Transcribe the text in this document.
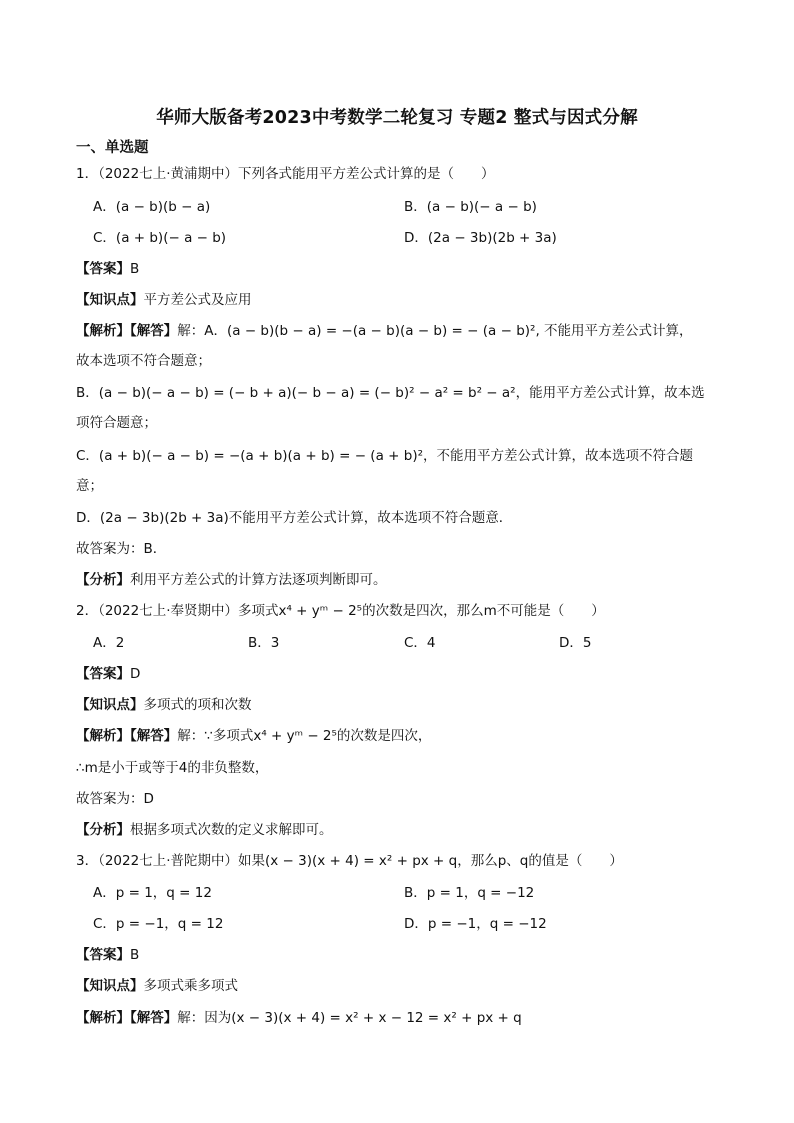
华师大版备考2023中考数学二轮复习 专题2 整式与因式分解
一、单选题
1．（2022七上·黄浦期中）下列各式能用平方差公式计算的是（　　）
A．(a − b)(b − a)	B．(a − b)(− a − b)
C．(a + b)(− a − b)	D．(2a − 3b)(2b + 3a)
【答案】B
【知识点】平方差公式及应用
【解析】【解答】解：A．(a − b)(b − a) = −(a − b)(a − b) = − (a − b)², 不能用平方差公式计算，
故本选项不符合题意；
B．(a − b)(− a − b) = (− b + a)(− b − a) = (− b)² − a² = b² − a²，能用平方差公式计算，故本选
项符合题意；
C．(a + b)(− a − b) = −(a + b)(a + b) = − (a + b)²，不能用平方差公式计算，故本选项不符合题
意；
D．(2a − 3b)(2b + 3a)不能用平方差公式计算，故本选项不符合题意．
故答案为：B．
【分析】利用平方差公式的计算方法逐项判断即可。
2．（2022七上·奉贤期中）多项式x⁴ + yᵐ − 2⁵的次数是四次，那么m不可能是（　　）
A．2	B．3	C．4	D．5
【答案】D
【知识点】多项式的项和次数
【解析】【解答】解：∵多项式x⁴ + yᵐ − 2⁵的次数是四次，
∴m是小于或等于4的非负整数，
故答案为：D
【分析】根据多项式次数的定义求解即可。
3．（2022七上·普陀期中）如果(x − 3)(x + 4) = x² + px + q，那么p、q的值是（　　）
A．p = 1，q = 12	B．p = 1，q = −12
C．p = −1，q = 12	D．p = −1，q = −12
【答案】B
【知识点】多项式乘多项式
【解析】【解答】解：因为(x − 3)(x + 4) = x² + x − 12 = x² + px + q
